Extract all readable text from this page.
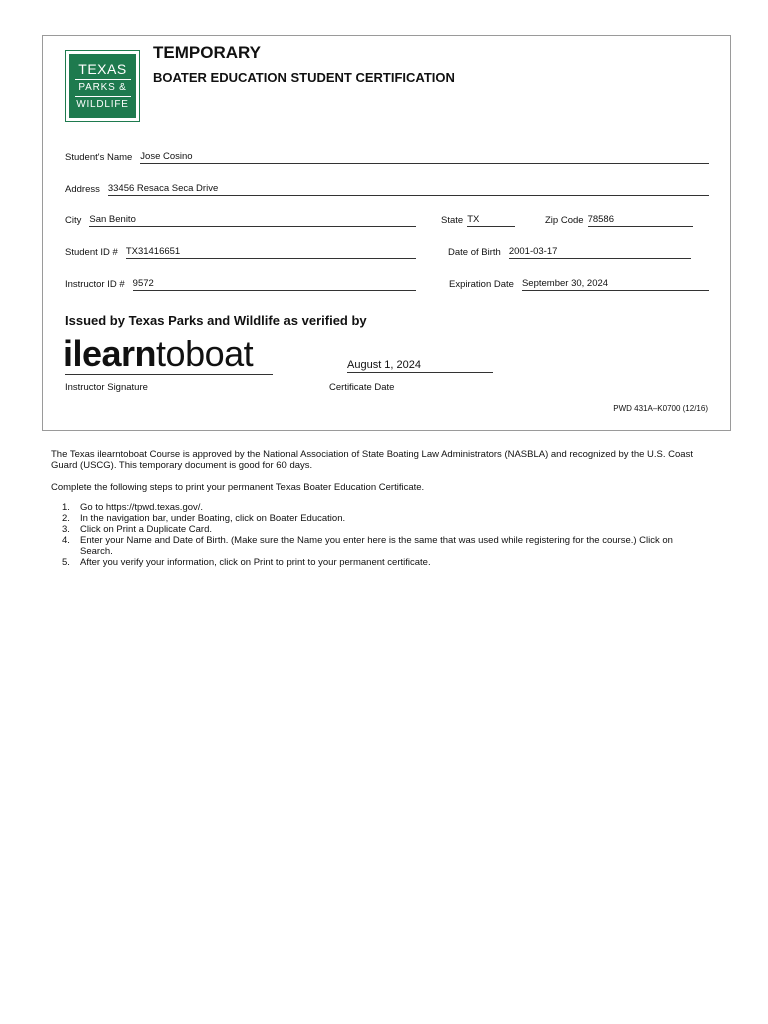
TEXAS
PARKS &
WILDLIFE
TEMPORARY
BOATER EDUCATION STUDENT CERTIFICATION
Student's Name Jose Cosino
Address 33456 Resaca Seca Drive
City San Benito	State TX	Zip Code 78586
Student ID # TX31416651	Date of Birth 2001-03-17
Instructor ID # 9572	Expiration Date September 30, 2024
Issued by Texas Parks and Wildlife as verified by
ilearntoboat	August 1, 2024
Instructor Signature	Certificate Date
PWD 431A–K0700 (12/16)
The Texas ilearntoboat Course is approved by the National Association of State Boating Law Administrators (NASBLA) and recognized by the U.S. Coast Guard (USCG). This temporary document is good for 60 days.
Complete the following steps to print your permanent Texas Boater Education Certificate.
1.	Go to https://tpwd.texas.gov/.
2.	In the navigation bar, under Boating, click on Boater Education.
3.	Click on Print a Duplicate Card.
4.	Enter your Name and Date of Birth. (Make sure the Name you enter here is the same that was used while registering for the course.) Click on Search.
5.	After you verify your information, click on Print to print to your permanent certificate.
